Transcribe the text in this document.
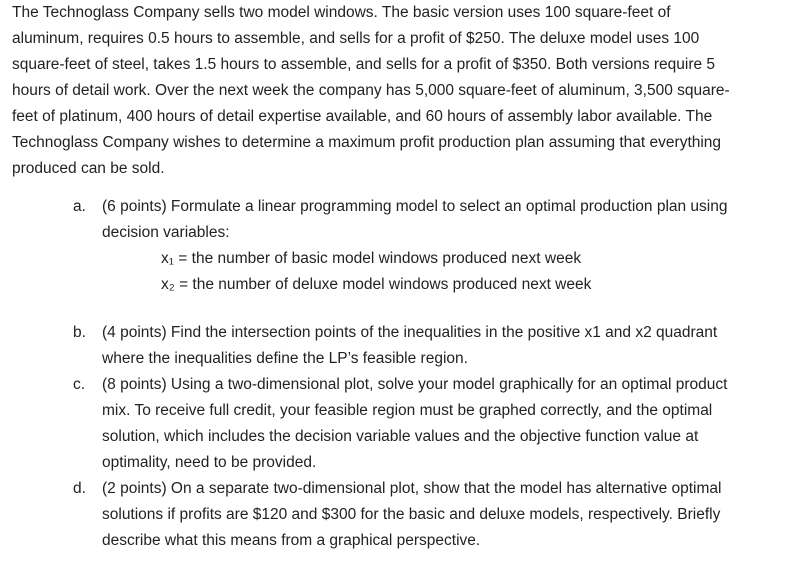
The Technoglass Company sells two model windows. The basic version uses 100 square-feet of
aluminum, requires 0.5 hours to assemble, and sells for a profit of $250. The deluxe model uses 100
square-feet of steel, takes 1.5 hours to assemble, and sells for a profit of $350. Both versions require 5
hours of detail work. Over the next week the company has 5,000 square-feet of aluminum, 3,500 square-
feet of platinum, 400 hours of detail expertise available, and 60 hours of assembly labor available. The
Technoglass Company wishes to determine a maximum profit production plan assuming that everything
produced can be sold.
a. (6 points) Formulate a linear programming model to select an optimal production plan using
decision variables:
x₁ = the number of basic model windows produced next week
x₂ = the number of deluxe model windows produced next week
b. (4 points) Find the intersection points of the inequalities in the positive x1 and x2 quadrant
where the inequalities define the LP’s feasible region.
c. (8 points) Using a two-dimensional plot, solve your model graphically for an optimal product
mix. To receive full credit, your feasible region must be graphed correctly, and the optimal
solution, which includes the decision variable values and the objective function value at
optimality, need to be provided.
d. (2 points) On a separate two-dimensional plot, show that the model has alternative optimal
solutions if profits are $120 and $300 for the basic and deluxe models, respectively. Briefly
describe what this means from a graphical perspective.
